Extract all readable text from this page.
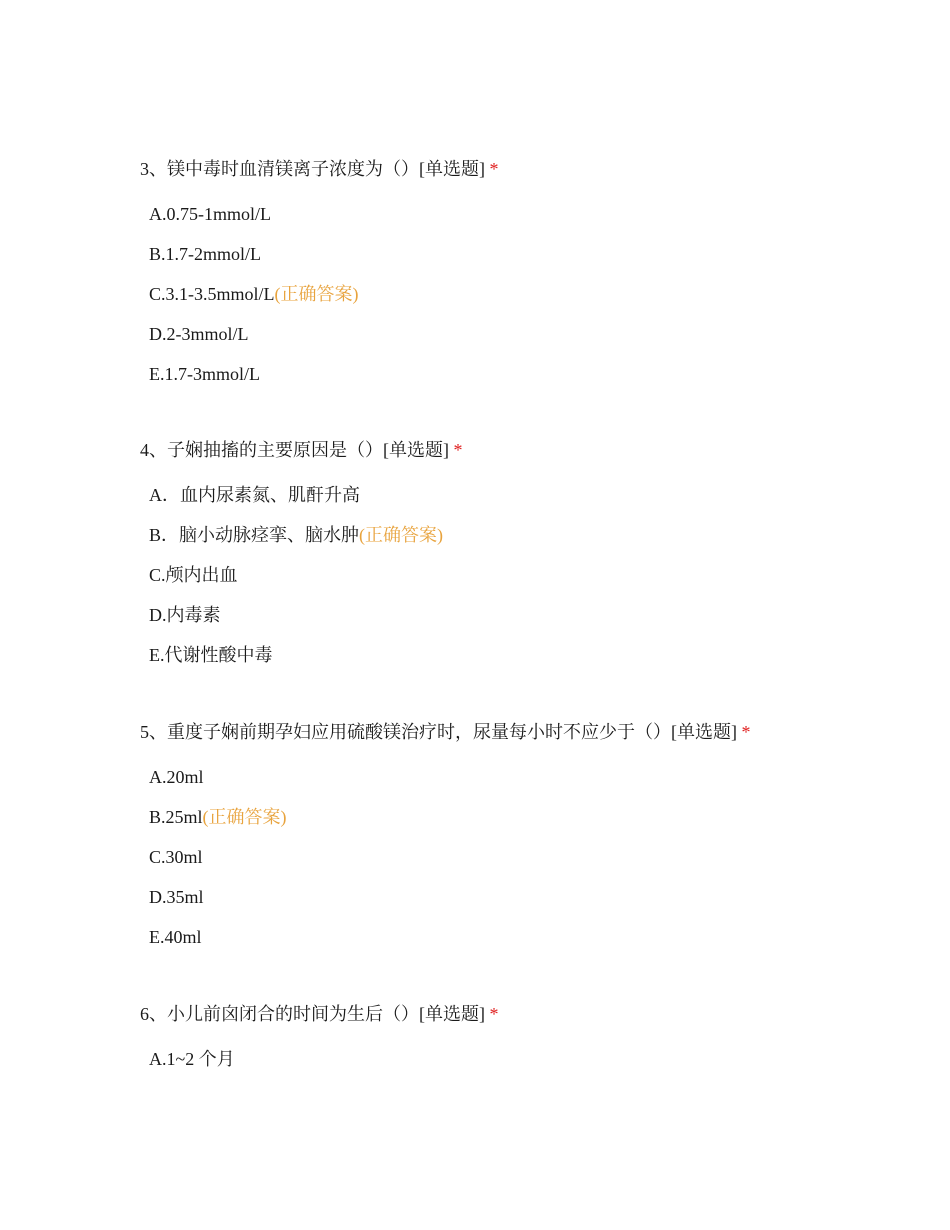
3、镁中毒时血清镁离子浓度为（）[单选题] *

A.0.75-1mmol/L
B.1.7-2mmol/L
C.3.1-3.5mmol/L(正确答案)
D.2-3mmol/L
E.1.7-3mmol/L

4、子娴抽搐的主要原因是（）[单选题] *

A．血内尿素氮、肌酐升高
B．脑小动脉痉挛、脑水肿(正确答案)
C.颅内出血
D.内毒素
E.代谢性酸中毒

5、重度子娴前期孕妇应用硫酸镁治疗时，尿量每小时不应少于（）[单选题] *

A.20ml
B.25ml(正确答案)
C.30ml
D.35ml
E.40ml

6、小儿前囟闭合的时间为生后（）[单选题] *

A.1~2 个月
